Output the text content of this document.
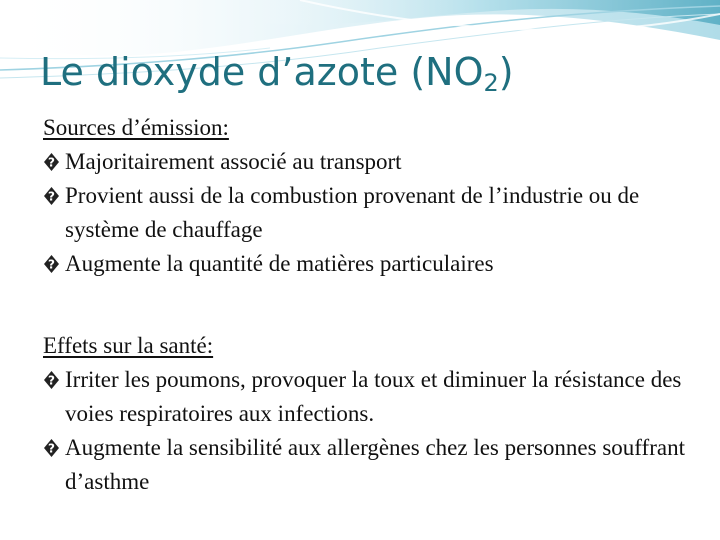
Le dioxyde d’azote $(NO_2)$

Sources d’émission:

? Majoritairement associé au transport
? Provient aussi de la combustion provenant de l’industrie ou de système de chauffage
? Augmente la quantité de matières particulaires

Effets sur la santé:

? Irriter les poumons, provoquer la toux et diminuer la résistance des voies respiratoires aux infections.
? Augmente la sensibilité aux allergènes chez les personnes souffrant d’asthme
